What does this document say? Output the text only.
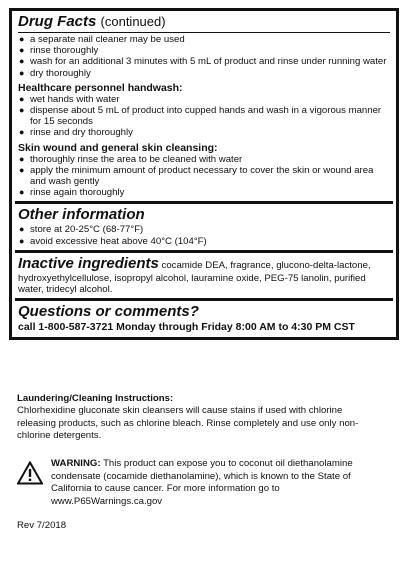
Drug Facts (continued)
● a separate nail cleaner may be used
● rinse thoroughly
● wash for an additional 3 minutes with 5 mL of product and rinse under running water
● dry thoroughly
Healthcare personnel handwash:
● wet hands with water
● dispense about 5 mL of product into cupped hands and wash in a vigorous manner for 15 seconds
● rinse and dry thoroughly
Skin wound and general skin cleansing:
● thoroughly rinse the area to be cleaned with water
● apply the minimum amount of product necessary to cover the skin or wound area and wash gently
● rinse again thoroughly
Other information
● store at 20-25°C (68-77°F)
● avoid excessive heat above 40°C (104°F)
Inactive ingredients cocamide DEA, fragrance, glucono-delta-lactone, hydroxyethylcellulose, isopropyl alcohol, lauramine oxide, PEG-75 lanolin, purified water, tridecyl alcohol.
Questions or comments?
call 1-800-587-3721 Monday through Friday 8:00 AM to 4:30 PM CST
Laundering/Cleaning Instructions:
Chlorhexidine gluconate skin cleansers will cause stains if used with chlorine releasing products, such as chlorine bleach. Rinse completely and use only non-chlorine detergents.
WARNING: This product can expose you to coconut oil diethanolamine condensate (cocamide diethanolamine), which is known to the State of California to cause cancer. For more information go to www.P65Warnings.ca.gov
Rev 7/2018
